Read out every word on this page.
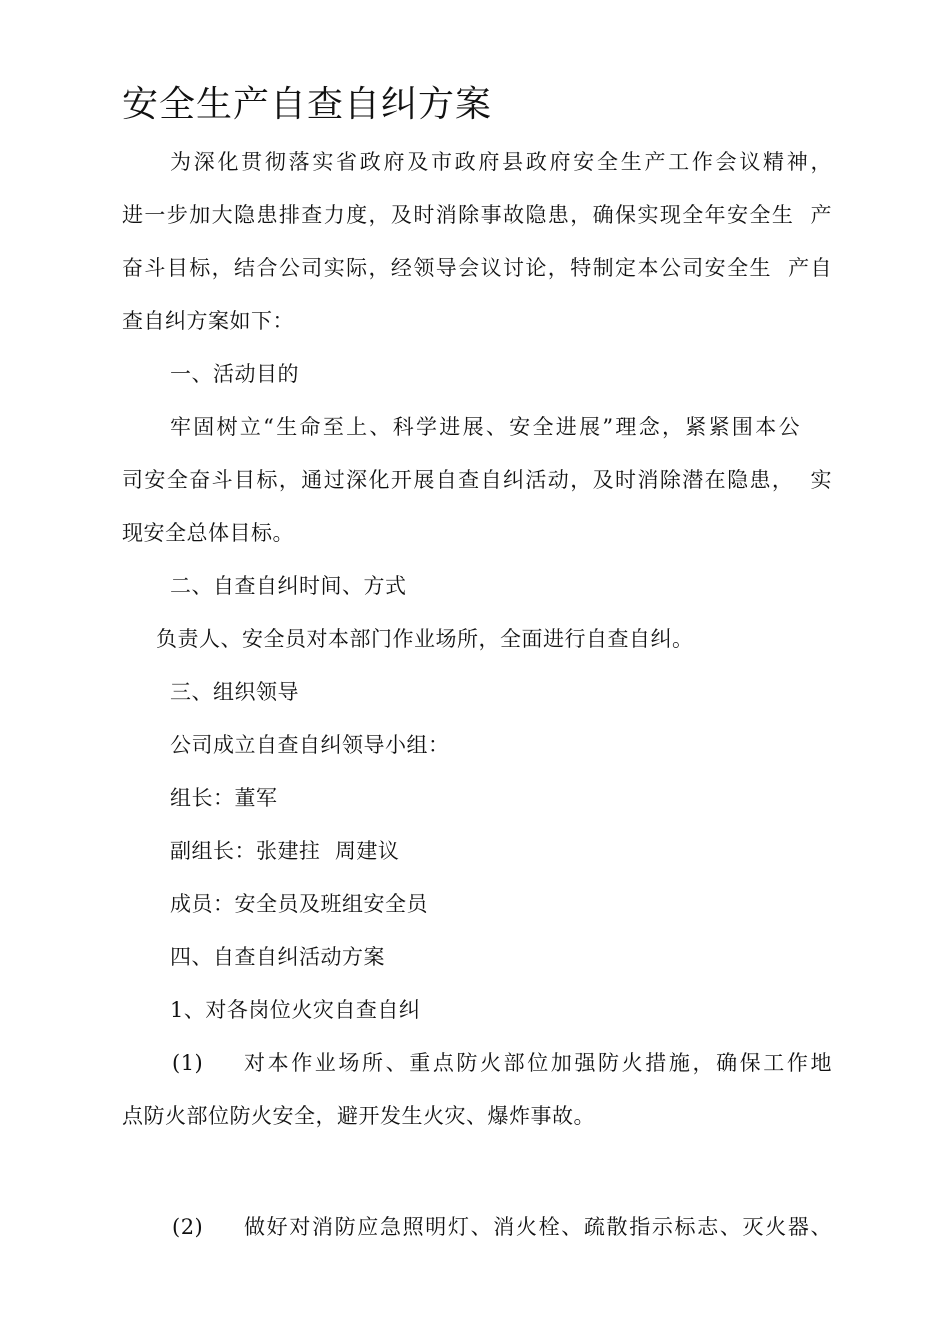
安全生产自查自纠方案
为深化贯彻落实省政府及市政府县政府安全生产工作会议精神，
进一步加大隐患排查力度，及时消除事故隐患，确保实现全年安全生  产
奋斗目标，结合公司实际，经领导会议讨论，特制定本公司安全生  产自
查自纠方案如下：
一、活动目的
牢固树立“生命至上、科学进展、安全进展”理念，紧紧围本公
司安全奋斗目标，通过深化开展自查自纠活动，及时消除潜在隐患，  实
现安全总体目标。
二、自查自纠时间、方式
负责人、安全员对本部门作业场所，全面进行自查自纠。
三、组织领导
公司成立自查自纠领导小组：
组长：董军
副组长：张建拄  周建议
成员：安全员及班组安全员
四、自查自纠活动方案
1、对各岗位火灾自查自纠
(1) 对本作业场所、重点防火部位加强防火措施，确保工作地
点防火部位防火安全，避开发生火灾、爆炸事故。
(2) 做好对消防应急照明灯、消火栓、疏散指示标志、灭火器、
